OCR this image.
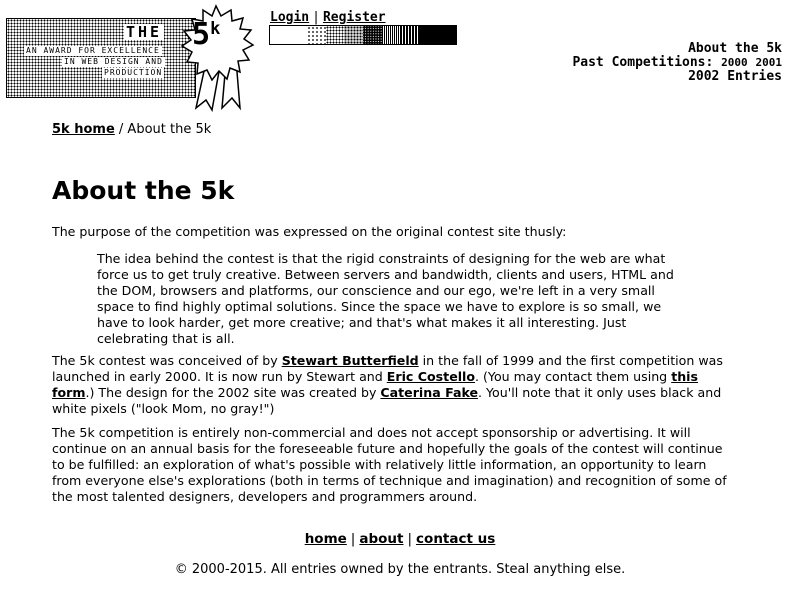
THE
AN AWARD FOR EXCELLENCE
IN WEB DESIGN AND
PRODUCTION
5$^k$
Login | Register
About the 5k
Past Competitions: 2000 2001
2002 Entries
5k home / About the 5k
About the 5k

The purpose of the competition was expressed on the original contest site thusly:

The idea behind the contest is that the rigid constraints of designing for the web are what force us to get truly creative. Between servers and bandwidth, clients and users, HTML and the DOM, browsers and platforms, our conscience and our ego, we're left in a very small space to find highly optimal solutions. Since the space we have to explore is so small, we have to look harder, get more creative; and that's what makes it all interesting. Just celebrating that is all.

The 5k contest was conceived of by Stewart Butterfield in the fall of 1999 and the first competition was launched in early 2000. It is now run by Stewart and Eric Costello. (You may contact them using this form.) The design for the 2002 site was created by Caterina Fake. You'll note that it only uses black and white pixels ("look Mom, no gray!")

The 5k competition is entirely non-commercial and does not accept sponsorship or advertising. It will continue on an annual basis for the foreseeable future and hopefully the goals of the contest will continue to be fulfilled: an exploration of what's possible with relatively little information, an opportunity to learn from everyone else's explorations (both in terms of technique and imagination) and recognition of some of the most talented designers, developers and programmers around.

home | about | contact us
© 2000-2015. All entries owned by the entrants. Steal anything else.
